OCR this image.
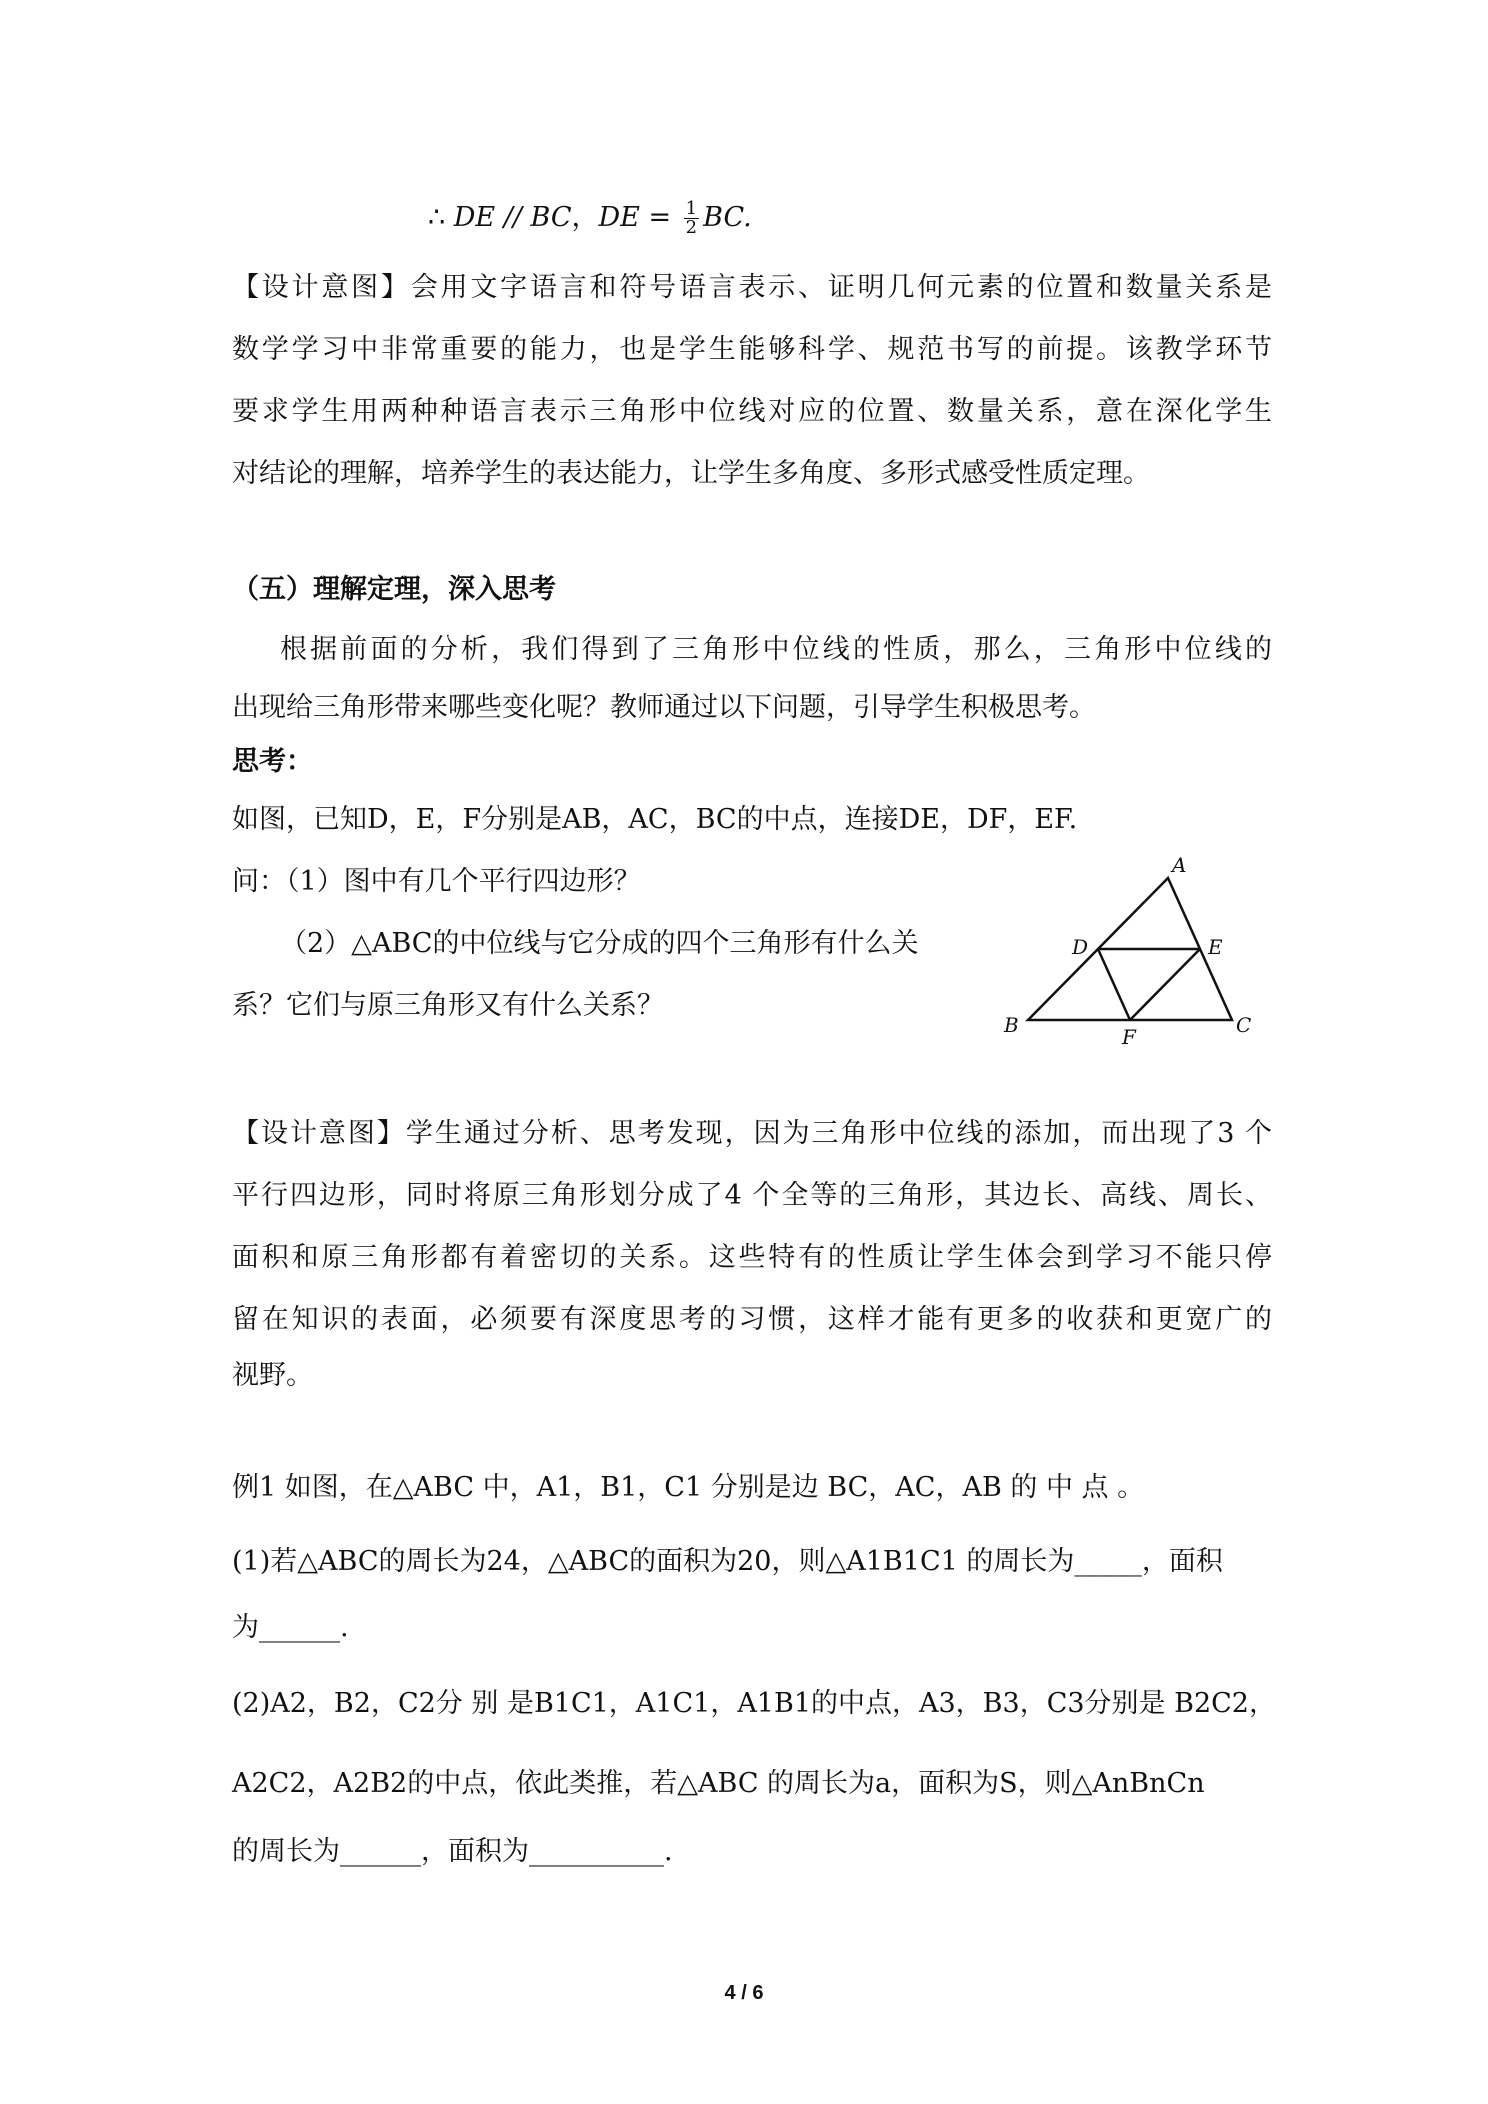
∴ DE // BC，DE = $\frac{1}{2}$ BC.
【设计意图】会用文字语言和符号语言表示、证明几何元素的位置和数量关系是
数学学习中非常重要的能力，也是学生能够科学、规范书写的前提。该教学环节
要求学生用两种种语言表示三角形中位线对应的位置、数量关系，意在深化学生
对结论的理解，培养学生的表达能力，让学生多角度、多形式感受性质定理。
（五）理解定理，深入思考
根据前面的分析，我们得到了三角形中位线的性质，那么，三角形中位线的
出现给三角形带来哪些变化呢？教师通过以下问题，引导学生积极思考。
思考：
如图，已知D，E，F分别是AB，AC，BC的中点，连接DE，DF，EF.
问：（1）图中有几个平行四边形？
（2）△ABC的中位线与它分成的四个三角形有什么关
系？它们与原三角形又有什么关系？
A
B	C
D	E
F
【设计意图】学生通过分析、思考发现，因为三角形中位线的添加，而出现了3 个
平行四边形，同时将原三角形划分成了4 个全等的三角形，其边长、高线、周长、
面积和原三角形都有着密切的关系。这些特有的性质让学生体会到学习不能只停
留在知识的表面，必须要有深度思考的习惯，这样才能有更多的收获和更宽广的
视野。
例1 如图，在△ABC 中，A1，B1，C1 分别是边 BC，AC，AB 的 中 点 。
(1)若△ABC的周长为24，△ABC的面积为20，则△A1B1C1 的周长为_____，面积
为______.
(2)A2，B2，C2分 别 是B1C1，A1C1，A1B1的中点，A3，B3，C3分别是 B2C2，
A2C2，A2B2的中点，依此类推，若△ABC 的周长为a，面积为S，则△AnBnCn
的周长为______，面积为__________.
4 / 6
